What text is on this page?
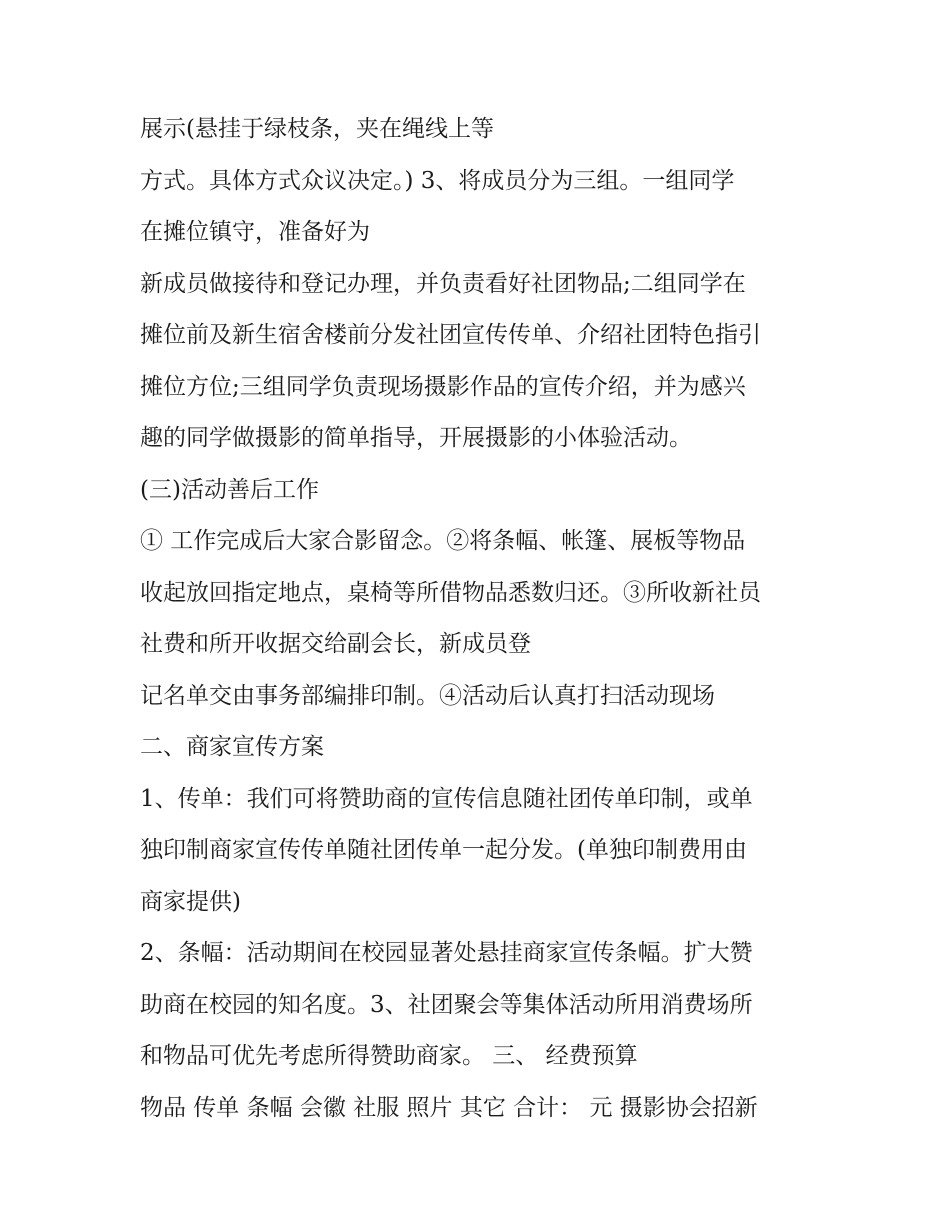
展示(悬挂于绿枝条，夹在绳线上等
方式。具体方式众议决定。) 3、将成员分为三组。一组同学
在摊位镇守，准备好为
新成员做接待和登记办理，并负责看好社团物品;二组同学在
摊位前及新生宿舍楼前分发社团宣传传单、介绍社团特色指引
摊位方位;三组同学负责现场摄影作品的宣传介绍，并为感兴
趣的同学做摄影的简单指导，开展摄影的小体验活动。
(三)活动善后工作
① 工作完成后大家合影留念。②将条幅、帐篷、展板等物品
收起放回指定地点，桌椅等所借物品悉数归还。③所收新社员
社费和所开收据交给副会长，新成员登
记名单交由事务部编排印制。④活动后认真打扫活动现场
二、商家宣传方案
1、传单：我们可将赞助商的宣传信息随社团传单印制，或单
独印制商家宣传传单随社团传单一起分发。(单独印制费用由
商家提供)
2、条幅：活动期间在校园显著处悬挂商家宣传条幅。扩大赞
助商在校园的知名度。3、社团聚会等集体活动所用消费场所
和物品可优先考虑所得赞助商家。 三、 经费预算
物品 传单 条幅 会徽 社服 照片 其它 合计： 元 摄影协会招新
